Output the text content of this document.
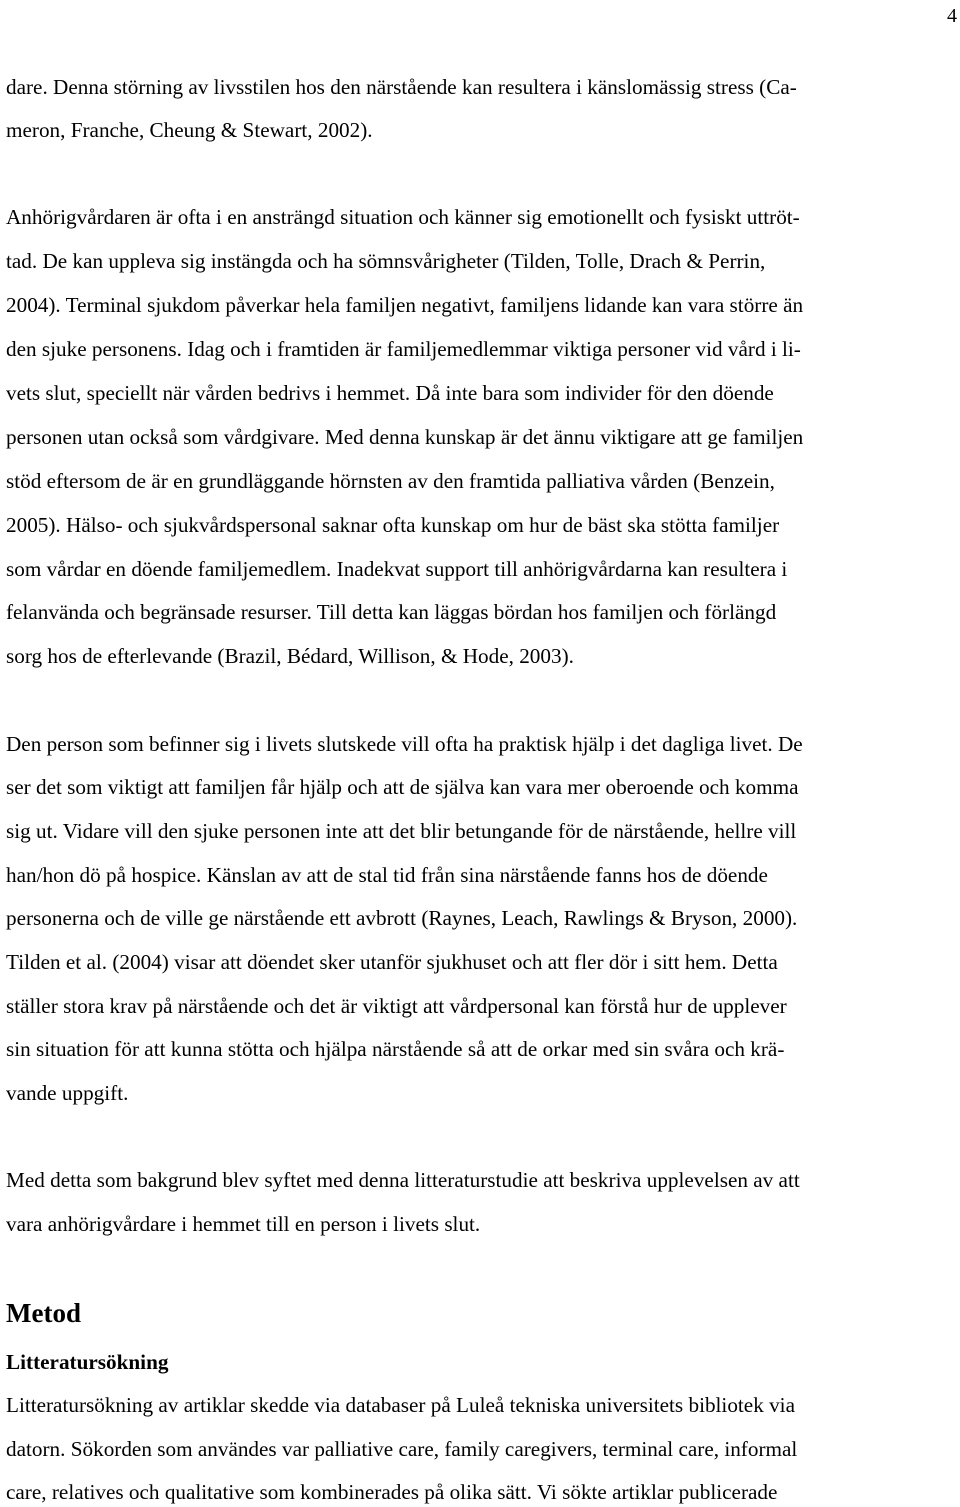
4
dare. Denna störning av livsstilen hos den närstående kan resultera i känslomässig stress (Ca-
meron, Franche, Cheung & Stewart, 2002).
Anhörigvårdaren är ofta i en ansträngd situation och känner sig emotionellt och fysiskt uttröt-
tad. De kan uppleva sig instängda och ha sömnsvårigheter (Tilden, Tolle, Drach & Perrin,
2004). Terminal sjukdom påverkar hela familjen negativt, familjens lidande kan vara större än
den sjuke personens. Idag och i framtiden är familjemedlemmar viktiga personer vid vård i li-
vets slut, speciellt när vården bedrivs i hemmet. Då inte bara som individer för den döende
personen utan också som vårdgivare. Med denna kunskap är det ännu viktigare att ge familjen
stöd eftersom de är en grundläggande hörnsten av den framtida palliativa vården (Benzein,
2005). Hälso- och sjukvårdspersonal saknar ofta kunskap om hur de bäst ska stötta familjer
som vårdar en döende familjemedlem. Inadekvat support till anhörigvårdarna kan resultera i
felanvända och begränsade resurser. Till detta kan läggas bördan hos familjen och förlängd
sorg hos de efterlevande (Brazil, Bédard, Willison, & Hode, 2003).
Den person som befinner sig i livets slutskede vill ofta ha praktisk hjälp i det dagliga livet. De
ser det som viktigt att familjen får hjälp och att de själva kan vara mer oberoende och komma
sig ut. Vidare vill den sjuke personen inte att det blir betungande för de närstående, hellre vill
han/hon dö på hospice. Känslan av att de stal tid från sina närstående fanns hos de döende
personerna och de ville ge närstående ett avbrott (Raynes, Leach, Rawlings & Bryson, 2000).
Tilden et al. (2004) visar att döendet sker utanför sjukhuset och att fler dör i sitt hem. Detta
ställer stora krav på närstående och det är viktigt att vårdpersonal kan förstå hur de upplever
sin situation för att kunna stötta och hjälpa närstående så att de orkar med sin svåra och krä-
vande uppgift.
Med detta som bakgrund blev syftet med denna litteraturstudie att beskriva upplevelsen av att
vara anhörigvårdare i hemmet till en person i livets slut.
Metod
Litteratursökning
Litteratursökning av artiklar skedde via databaser på Luleå tekniska universitets bibliotek via
datorn. Sökorden som användes var palliative care, family caregivers, terminal care, informal
care, relatives och qualitative som kombinerades på olika sätt. Vi sökte artiklar publicerade
